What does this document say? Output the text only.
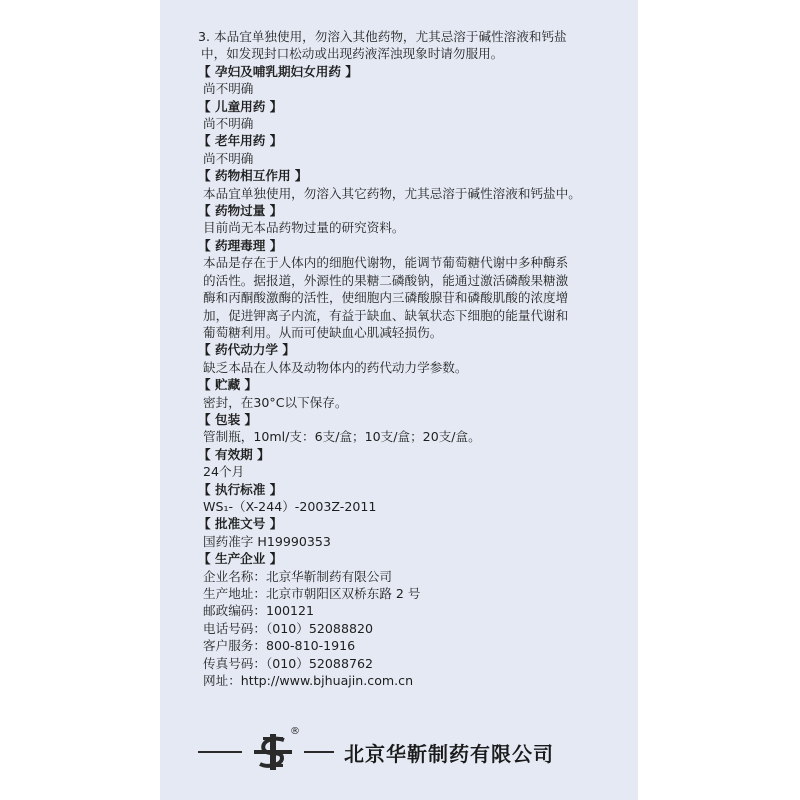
3. 本品宜单独使用，勿溶入其他药物，尤其忌溶于碱性溶液和钙盐
中，如发现封口松动或出现药液浑浊现象时请勿服用。
【 孕妇及哺乳期妇女用药 】
尚不明确
【 儿童用药 】
尚不明确
【 老年用药 】
尚不明确
【 药物相互作用 】
本品宜单独使用，勿溶入其它药物，尤其忌溶于碱性溶液和钙盐中。
【 药物过量 】
目前尚无本品药物过量的研究资料。
【 药理毒理 】
本品是存在于人体内的细胞代谢物，能调节葡萄糖代谢中多种酶系
的活性。据报道，外源性的果糖二磷酸钠，能通过激活磷酸果糖激
酶和丙酮酸激酶的活性，使细胞内三磷酸腺苷和磷酸肌酸的浓度增
加，促进钾离子内流，有益于缺血、缺氧状态下细胞的能量代谢和
葡萄糖利用。从而可使缺血心肌减轻损伤。
【 药代动力学 】
缺乏本品在人体及动物体内的药代动力学参数。
【 贮藏 】
密封，在30°C以下保存。
【 包装 】
管制瓶，10ml/支：6支/盒；10支/盒；20支/盒。
【 有效期 】
24个月
【 执行标准 】
WS₁-（X-244）-2003Z-2011
【 批准文号 】
国药准字 H19990353
【 生产企业 】
企业名称：北京华靳制药有限公司
生产地址：北京市朝阳区双桥东路 2 号
邮政编码：100121
电话号码：（010）52088820
客户服务：800-810-1916
传真号码：（010）52088762
网址：http://www.bjhuajin.com.cn
®
北京华靳制药有限公司
